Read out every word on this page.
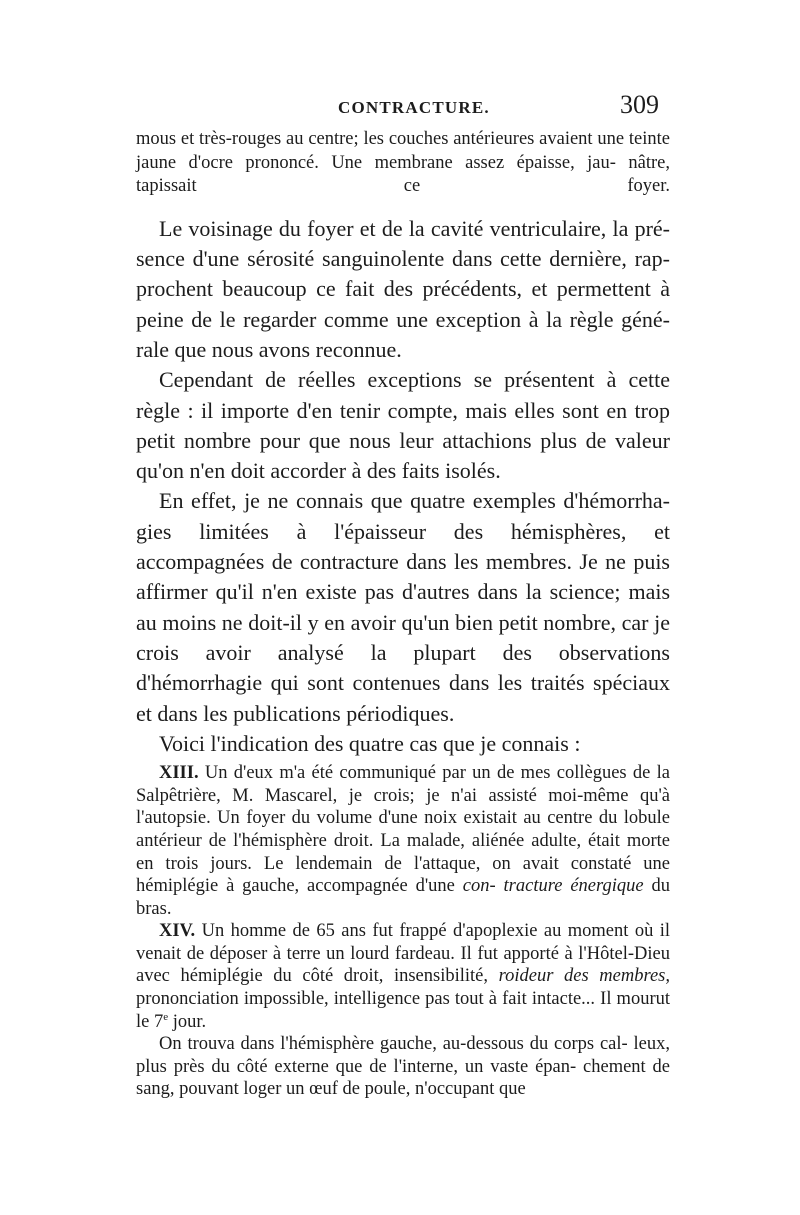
CONTRACTURE.	309

mous et très-rouges au centre; les couches antérieures avaient une teinte jaune d'ocre prononcé. Une membrane assez épaisse, jau- nâtre, tapissait ce foyer.

Le voisinage du foyer et de la cavité ventriculaire, la pré- sence d'une sérosité sanguinolente dans cette dernière, rap- prochent beaucoup ce fait des précédents, et permettent à peine de le regarder comme une exception à la règle géné- rale que nous avons reconnue.

Cependant de réelles exceptions se présentent à cette règle : il importe d'en tenir compte, mais elles sont en trop petit nombre pour que nous leur attachions plus de valeur qu'on n'en doit accorder à des faits isolés.

En effet, je ne connais que quatre exemples d'hémorrha- gies limitées à l'épaisseur des hémisphères, et accompagnées de contracture dans les membres. Je ne puis affirmer qu'il n'en existe pas d'autres dans la science; mais au moins ne doit-il y en avoir qu'un bien petit nombre, car je crois avoir analysé la plupart des observations d'hémorrhagie qui sont contenues dans les traités spéciaux et dans les publications périodiques.

Voici l'indication des quatre cas que je connais :

XIII. Un d'eux m'a été communiqué par un de mes collègues de la Salpêtrière, M. Mascarel, je crois; je n'ai assisté moi-même qu'à l'autopsie. Un foyer du volume d'une noix existait au centre du lobule antérieur de l'hémisphère droit. La malade, aliénée adulte, était morte en trois jours. Le lendemain de l'attaque, on avait constaté une hémiplégie à gauche, accompagnée d'une con- tracture énergique du bras.

XIV. Un homme de 65 ans fut frappé d'apoplexie au moment où il venait de déposer à terre un lourd fardeau. Il fut apporté à l'Hôtel-Dieu avec hémiplégie du côté droit, insensibilité, roideur des membres, prononciation impossible, intelligence pas tout à fait intacte... Il mourut le 7e jour.

On trouva dans l'hémisphère gauche, au-dessous du corps cal- leux, plus près du côté externe que de l'interne, un vaste épan- chement de sang, pouvant loger un œuf de poule, n'occupant que
